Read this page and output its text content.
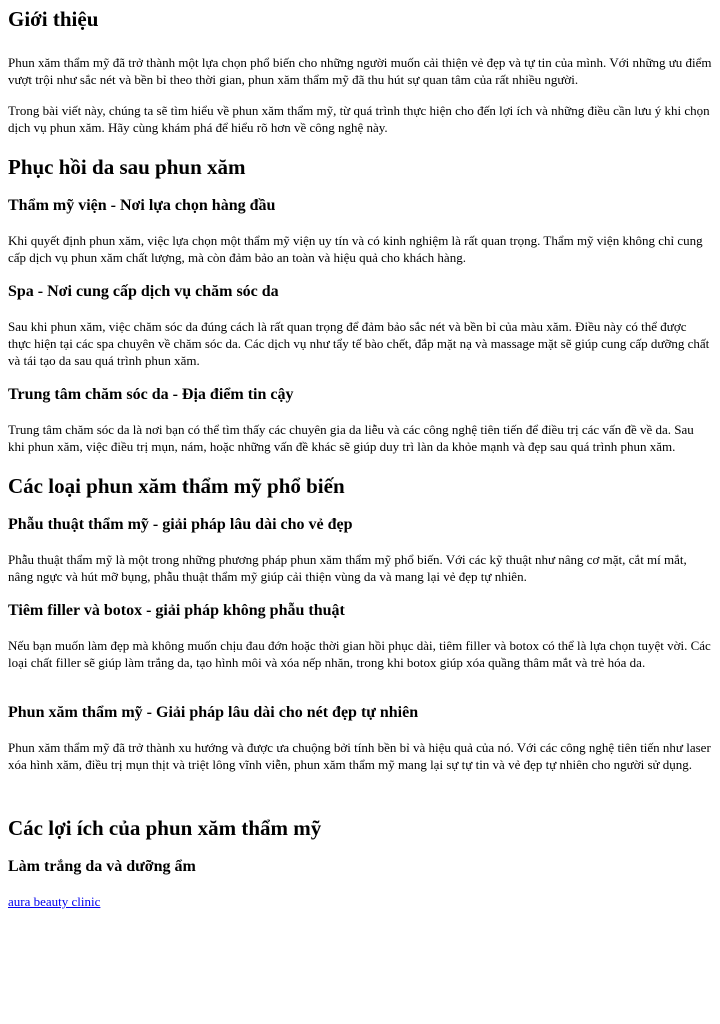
Giới thiệu

Phun xăm thẩm mỹ đã trở thành một lựa chọn phổ biến cho những người muốn cải thiện vẻ đẹp và tự tin của mình. Với những ưu điểm vượt trội như sắc nét và bền bỉ theo thời gian, phun xăm thẩm mỹ đã thu hút sự quan tâm của rất nhiều người.

Trong bài viết này, chúng ta sẽ tìm hiểu về phun xăm thẩm mỹ, từ quá trình thực hiện cho đến lợi ích và những điều cần lưu ý khi chọn dịch vụ phun xăm. Hãy cùng khám phá để hiểu rõ hơn về công nghệ này.

Phục hồi da sau phun xăm
Thẩm mỹ viện - Nơi lựa chọn hàng đầu

Khi quyết định phun xăm, việc lựa chọn một thẩm mỹ viện uy tín và có kinh nghiệm là rất quan trọng. Thẩm mỹ viện không chỉ cung cấp dịch vụ phun xăm chất lượng, mà còn đảm bảo an toàn và hiệu quả cho khách hàng.

Spa - Nơi cung cấp dịch vụ chăm sóc da

Sau khi phun xăm, việc chăm sóc da đúng cách là rất quan trọng để đảm bảo sắc nét và bền bỉ của màu xăm. Điều này có thể được thực hiện tại các spa chuyên về chăm sóc da. Các dịch vụ như tẩy tế bào chết, đắp mặt nạ và massage mặt sẽ giúp cung cấp dưỡng chất và tái tạo da sau quá trình phun xăm.

Trung tâm chăm sóc da - Địa điểm tin cậy

Trung tâm chăm sóc da là nơi bạn có thể tìm thấy các chuyên gia da liễu và các công nghệ tiên tiến để điều trị các vấn đề về da. Sau khi phun xăm, việc điều trị mụn, nám, hoặc những vấn đề khác sẽ giúp duy trì làn da khỏe mạnh và đẹp sau quá trình phun xăm.

Các loại phun xăm thẩm mỹ phổ biến
Phẫu thuật thẩm mỹ - giải pháp lâu dài cho vẻ đẹp

Phẫu thuật thẩm mỹ là một trong những phương pháp phun xăm thẩm mỹ phổ biến. Với các kỹ thuật như nâng cơ mặt, cắt mí mắt, nâng ngực và hút mỡ bụng, phẫu thuật thẩm mỹ giúp cải thiện vùng da và mang lại vẻ đẹp tự nhiên.

Tiêm filler và botox - giải pháp không phẫu thuật

Nếu bạn muốn làm đẹp mà không muốn chịu đau đớn hoặc thời gian hồi phục dài, tiêm filler và botox có thể là lựa chọn tuyệt vời. Các loại chất filler sẽ giúp làm trắng da, tạo hình môi và xóa nếp nhăn, trong khi botox giúp xóa quầng thâm mắt và trẻ hóa da.

Phun xăm thẩm mỹ - Giải pháp lâu dài cho nét đẹp tự nhiên

Phun xăm thẩm mỹ đã trở thành xu hướng và được ưa chuộng bởi tính bền bỉ và hiệu quả của nó. Với các công nghệ tiên tiến như laser xóa hình xăm, điều trị mụn thịt và triệt lông vĩnh viễn, phun xăm thẩm mỹ mang lại sự tự tin và vẻ đẹp tự nhiên cho người sử dụng.

Các lợi ích của phun xăm thẩm mỹ
Làm trắng da và dưỡng ẩm

aura beauty clinic
